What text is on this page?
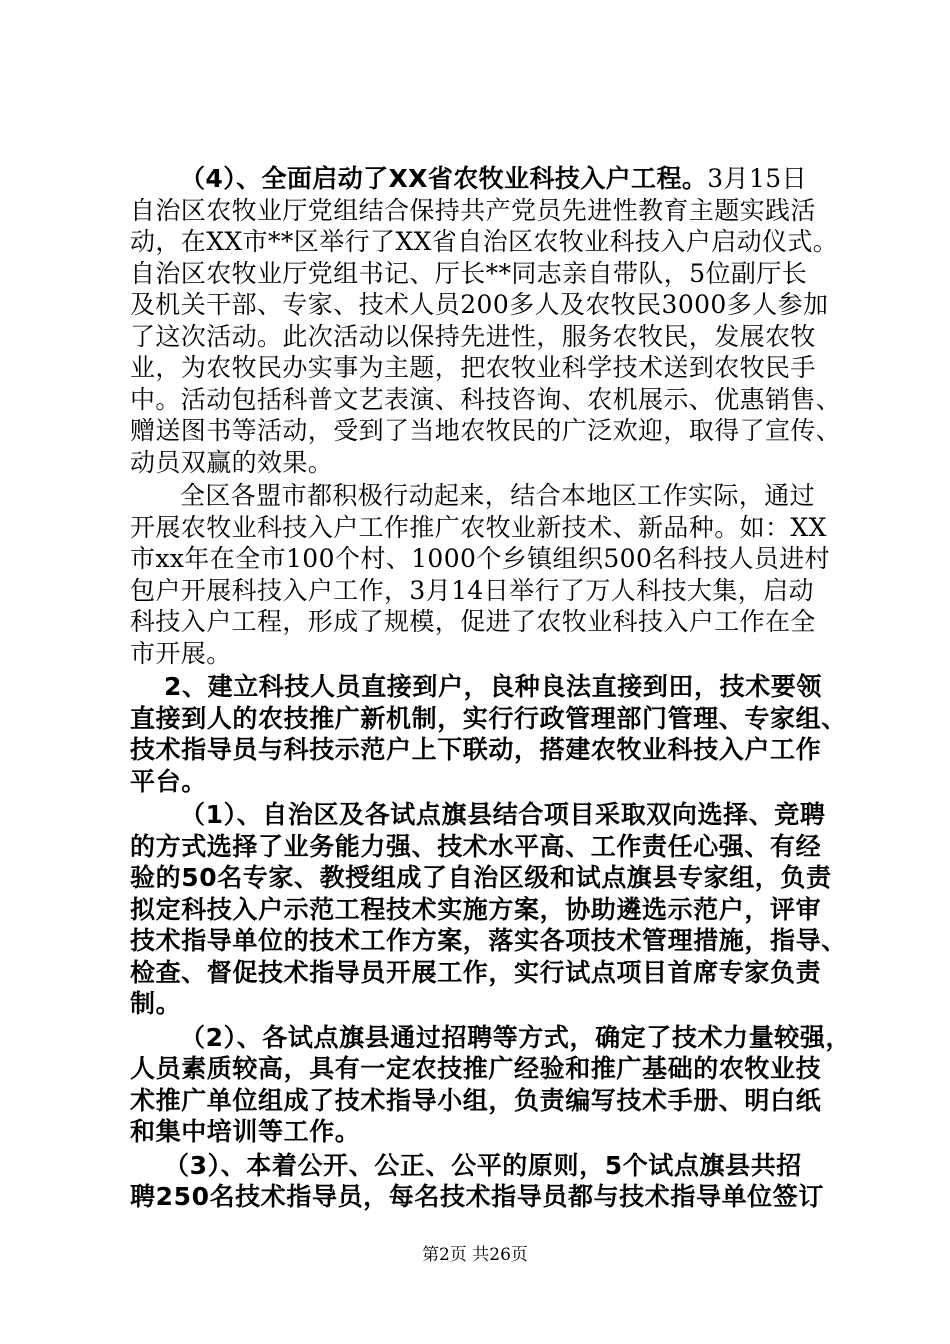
（4）、全面启动了XX省农牧业科技入户工程。3月15日
自治区农牧业厅党组结合保持共产党员先进性教育主题实践活
动，在XX市**区举行了XX省自治区农牧业科技入户启动仪式。
自治区农牧业厅党组书记、厅长**同志亲自带队，5位副厅长
及机关干部、专家、技术人员200多人及农牧民3000多人参加
了这次活动。此次活动以保持先进性，服务农牧民，发展农牧
业，为农牧民办实事为主题，把农牧业科学技术送到农牧民手
中。活动包括科普文艺表演、科技咨询、农机展示、优惠销售、
赠送图书等活动，受到了当地农牧民的广泛欢迎，取得了宣传、
动员双赢的效果。
全区各盟市都积极行动起来，结合本地区工作实际，通过
开展农牧业科技入户工作推广农牧业新技术、新品种。如：XX
市xx年在全市100个村、1000个乡镇组织500名科技人员进村
包户开展科技入户工作，3月14日举行了万人科技大集，启动
科技入户工程，形成了规模，促进了农牧业科技入户工作在全
市开展。
2、建立科技人员直接到户，良种良法直接到田，技术要领
直接到人的农技推广新机制，实行行政管理部门管理、专家组、
技术指导员与科技示范户上下联动，搭建农牧业科技入户工作
平台。
（1）、自治区及各试点旗县结合项目采取双向选择、竞聘
的方式选择了业务能力强、技术水平高、工作责任心强、有经
验的50名专家、教授组成了自治区级和试点旗县专家组，负责
拟定科技入户示范工程技术实施方案，协助遴选示范户，评审
技术指导单位的技术工作方案，落实各项技术管理措施，指导、
检查、督促技术指导员开展工作，实行试点项目首席专家负责
制。
（2）、各试点旗县通过招聘等方式，确定了技术力量较强，
人员素质较高，具有一定农技推广经验和推广基础的农牧业技
术推广单位组成了技术指导小组，负责编写技术手册、明白纸
和集中培训等工作。
（3）、本着公开、公正、公平的原则，5个试点旗县共招
聘250名技术指导员，每名技术指导员都与技术指导单位签订
第2页 共26页
